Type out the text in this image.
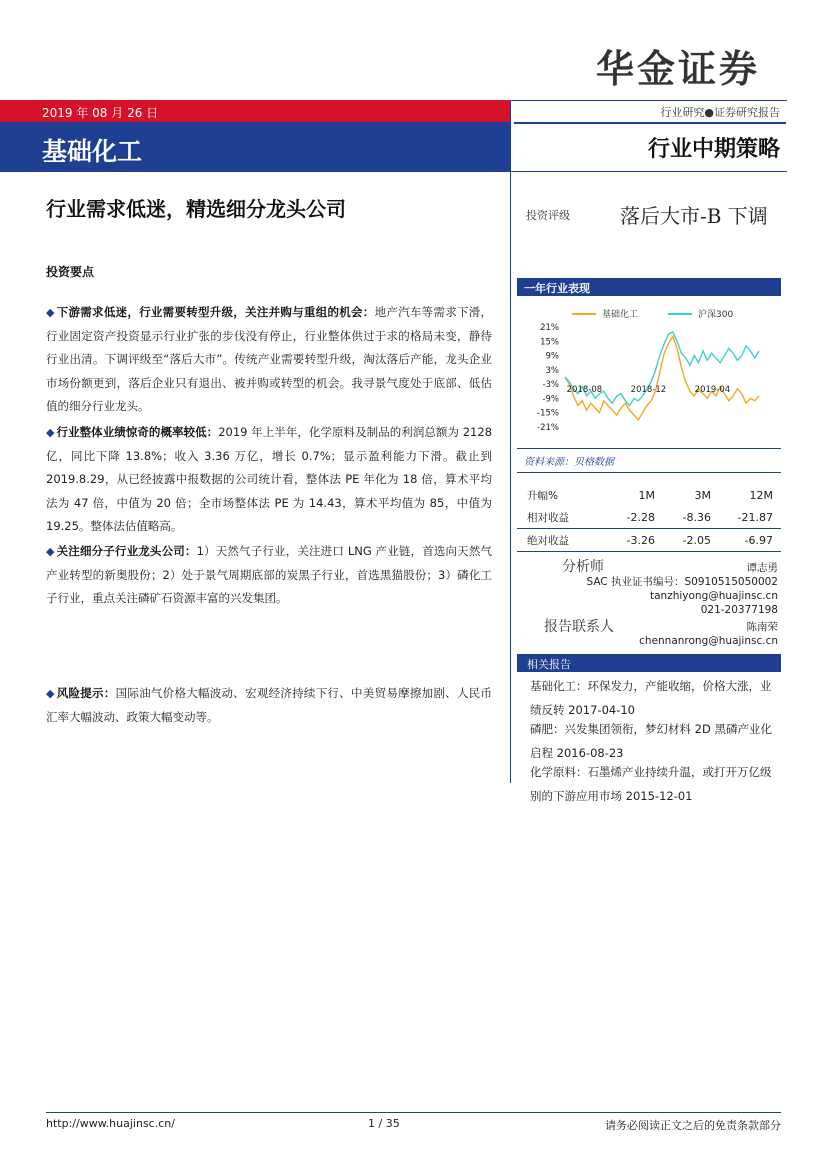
华金证券
2019 年 08 月 26 日
基础化工
行业研究●证券研究报告
行业中期策略
行业需求低迷，精选细分龙头公司	投资评级	落后大市-B 下调
投资要点
◆ 下游需求低迷，行业需要转型升级，关注并购与重组的机会：地产汽车等需求下滑，行业固定资产投资显示行业扩张的步伐没有停止，行业整体供过于求的格局未变，静待行业出清。下调评级至“落后大市”。传统产业需要转型升级，淘汰落后产能，龙头企业市场份额更到，落后企业只有退出、被并购或转型的机会。我寻景气度处于底部、低估值的细分行业龙头。
◆ 行业整体业绩惊奇的概率较低：2019 年上半年，化学原料及制品的利润总额为 2128 亿，同比下降 13.8%；收入 3.36 万亿，增长 0.7%；显示盈利能力下滑。截止到 2019.8.29，从已经披露中报数据的公司统计看，整体法 PE 年化为 18 倍，算术平均法为 47 倍，中值为 20 倍；全市场整体法 PE 为 14.43，算术平均值为 85，中值为 19.25。整体法估值略高。
◆ 关注细分子行业龙头公司：1）天然气子行业，关注进口 LNG 产业链，首选向天然气产业转型的新奥股份；2）处于景气周期底部的炭黑子行业，首选黑猫股份；3）磷化工子行业，重点关注磷矿石资源丰富的兴发集团。
◆ 风险提示：国际油气价格大幅波动、宏观经济持续下行、中美贸易摩擦加剧、人民币汇率大幅波动、政策大幅变动等。
一年行业表现
基础化工	沪深300
21%
15%
9%
3%
-3%
-9%
-15%
-21%
2018-08	2018-12	2019-04
资料来源：贝格数据
升幅%	1M	3M	12M
相对收益	-2.28	-8.36	-21.87
绝对收益	-3.26	-2.05	-6.97
分析师	谭志勇
SAC 执业证书编号：S0910515050002
tanzhiyong@huajinsc.cn
021-20377198
报告联系人	陈南荣
chennanrong@huajinsc.cn
相关报告
基础化工：环保发力，产能收缩，价格大涨，业绩反转 2017-04-10
磷肥：兴发集团领衔，梦幻材料 2D 黑磷产业化启程 2016-08-23
化学原料：石墨烯产业持续升温，或打开万亿级别的下游应用市场 2015-12-01
http://www.huajinsc.cn/	1 / 35	请务必阅读正文之后的免责条款部分
